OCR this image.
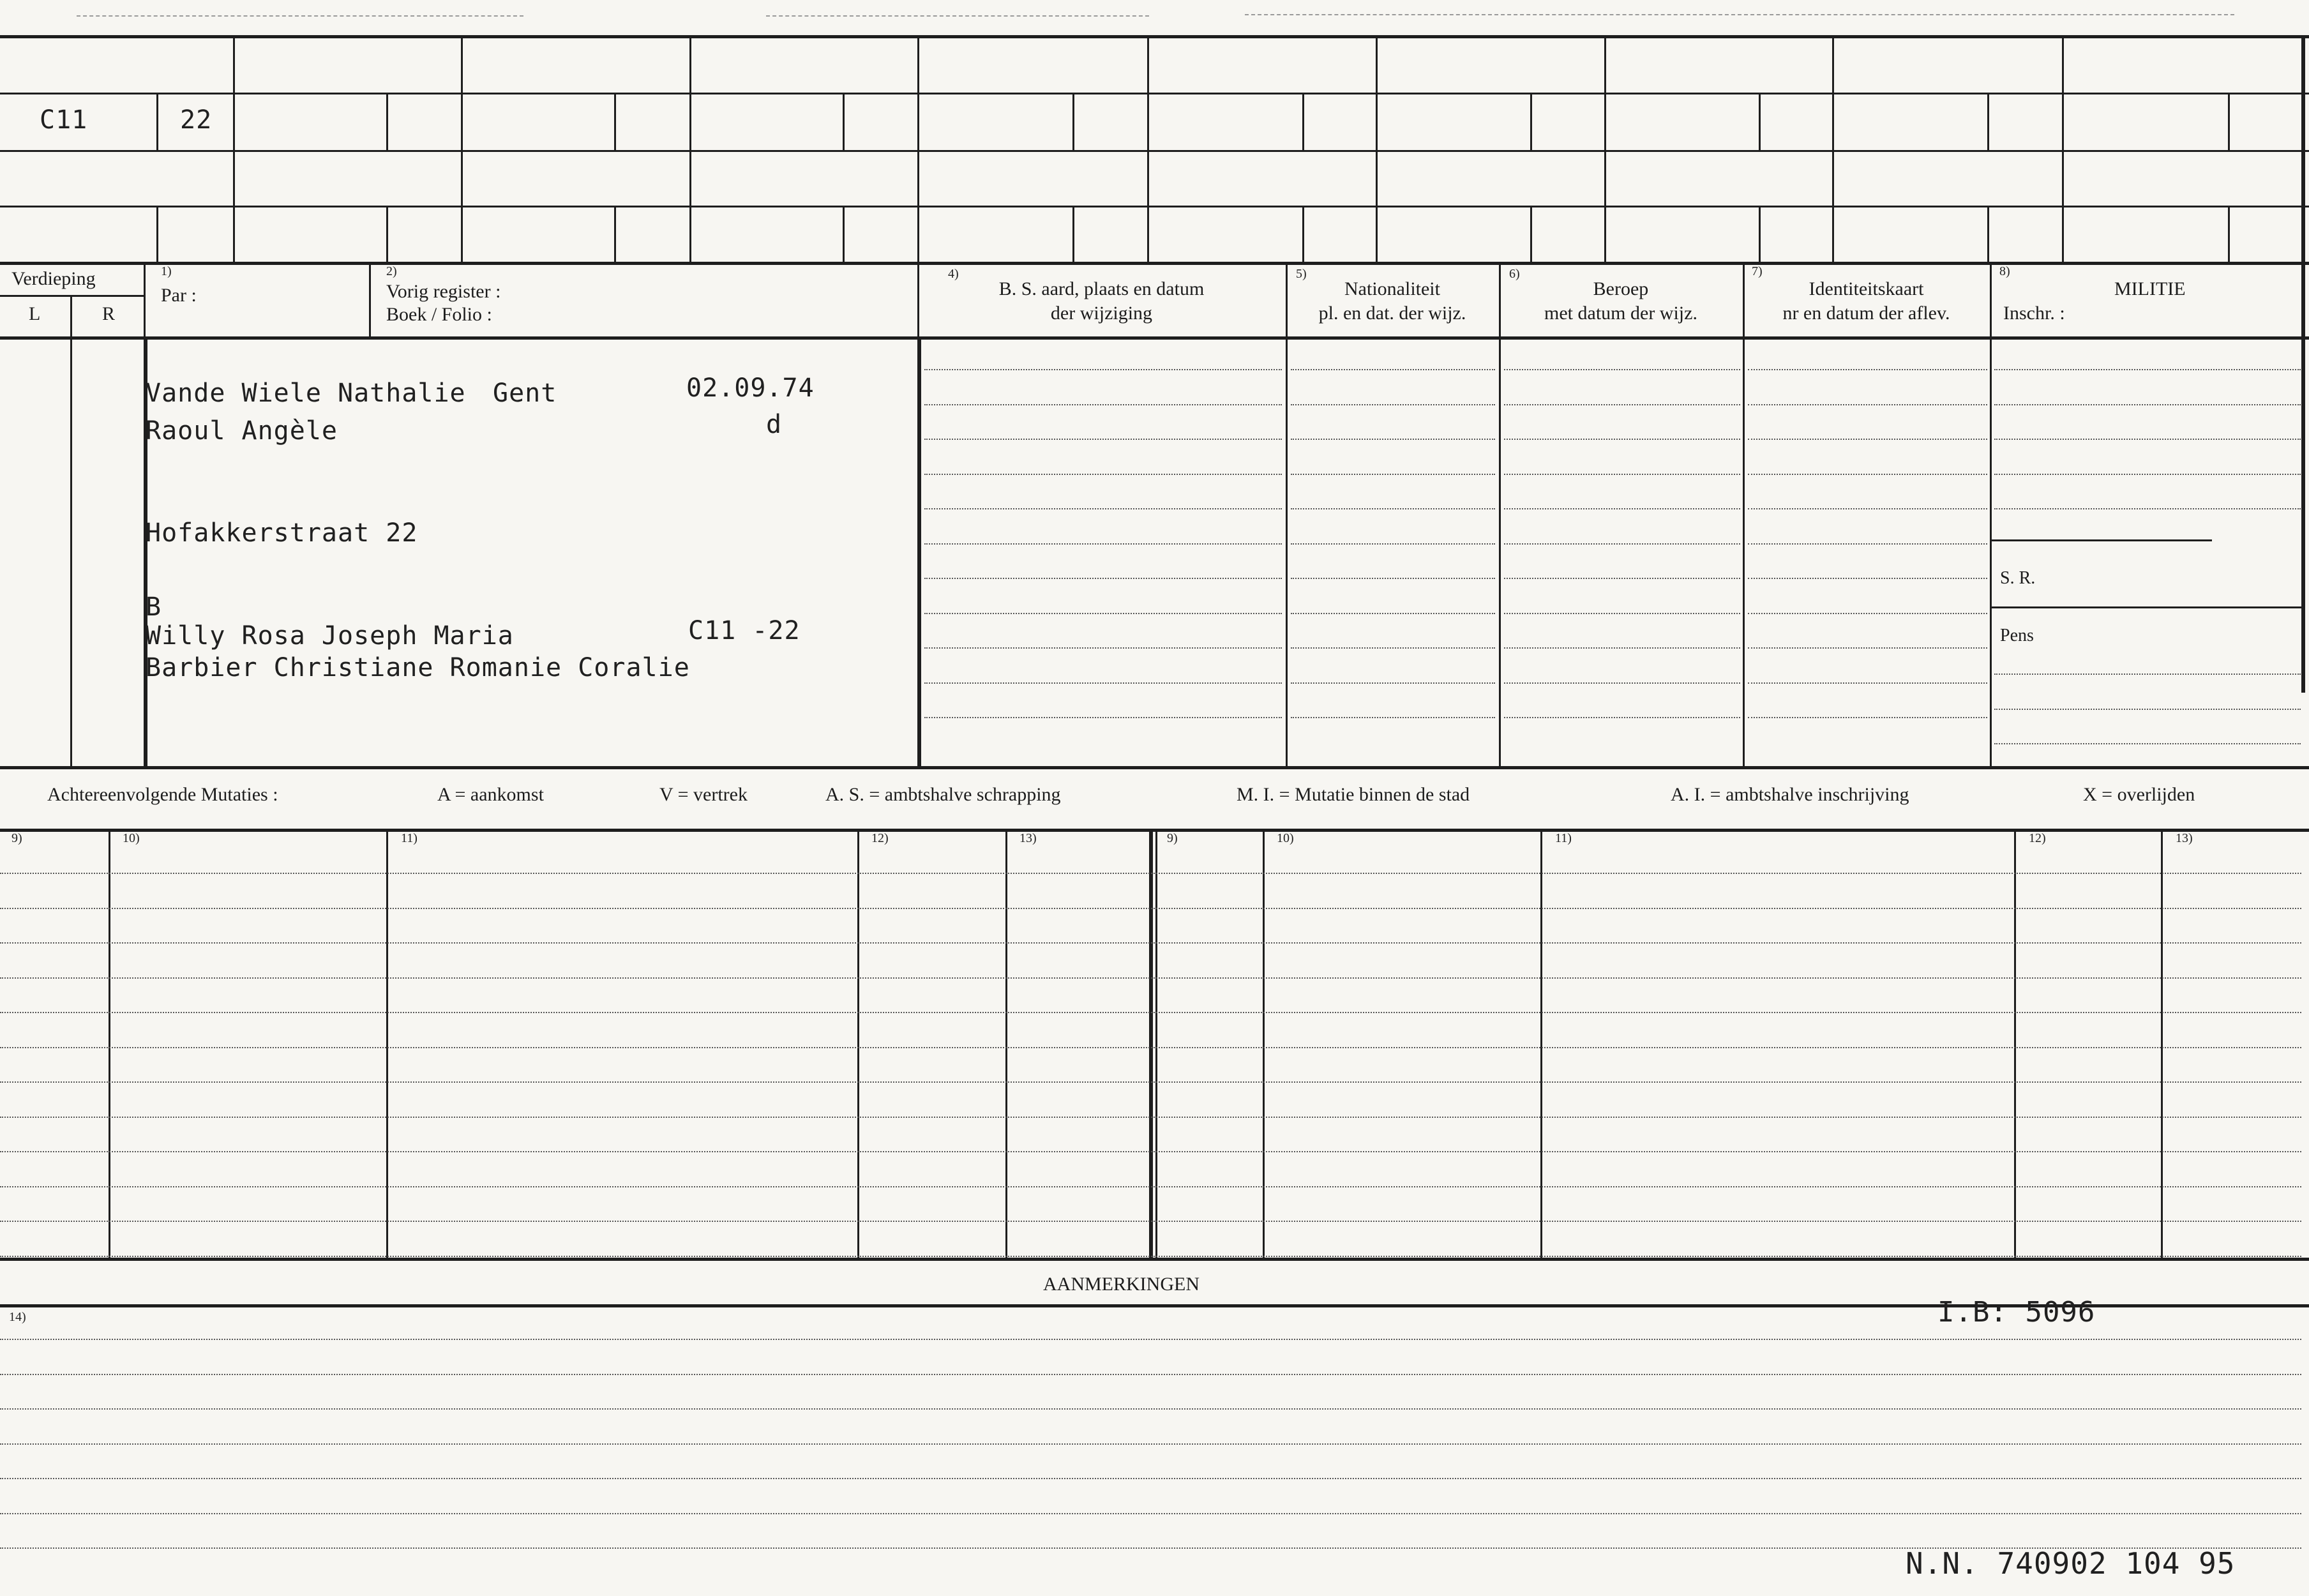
C11	22
Verdieping
L	R
1)
Par :
2)
Vorig register :
Boek / Folio :
4)
B. S. aard, plaats en datum
der wijziging
5)
Nationaliteit
pl. en dat. der wijz.
6)
Beroep
met datum der wijz.
7)
Identiteitskaart
nr en datum der aflev.
8)
MILITIE
Inschr. :
S. R.
Pens
Vande Wiele Nathalie Gent	02.09.74
d
Raoul Angèle
Hofakkerstraat 22
B
Willy Rosa Joseph Maria	C11 -22
Barbier Christiane Romanie Coralie
Achtereenvolgende Mutaties :	A = aankomst	V = vertrek	A. S. = ambtshalve schrapping	M. I. = Mutatie binnen de stad	A. I. = ambtshalve inschrijving	X = overlijden
9)	10)	11)	12)	13)	9)	10)	11)	12)	13)
AANMERKINGEN
14)	I.B: 5096
N.N. 740902 104 95
